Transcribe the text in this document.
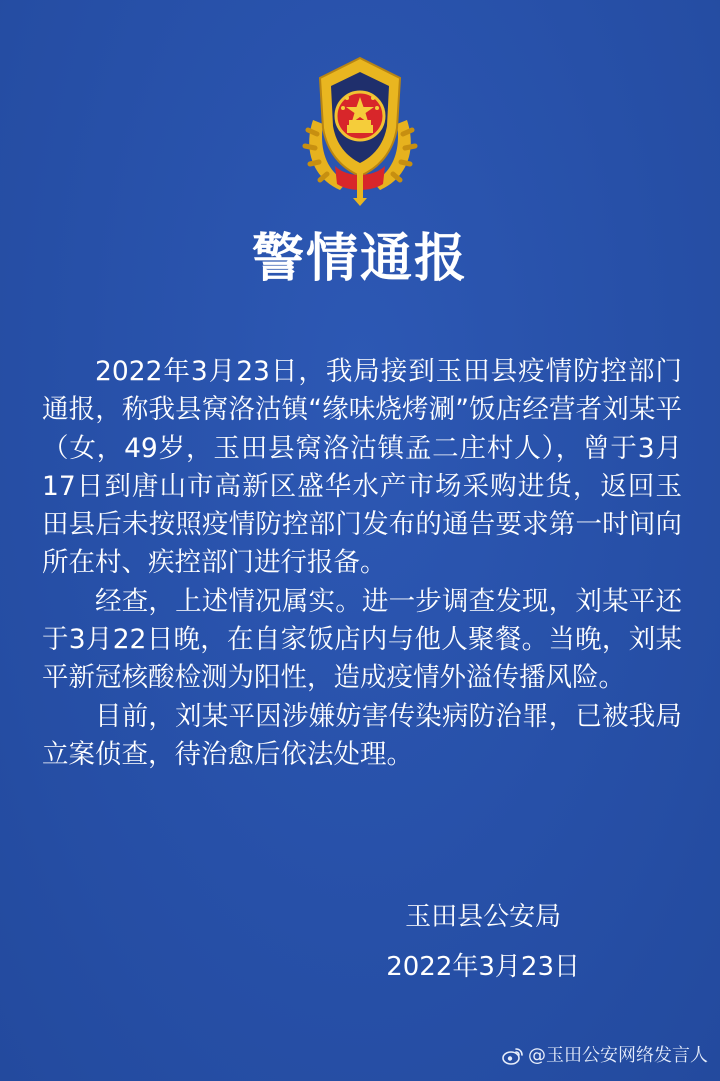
警情通报

2022年3月23日，我局接到玉田县疫情防控部门通报，称我县窝洛沽镇“缘味烧烤涮”饭店经营者刘某平（女，49岁，玉田县窝洛沽镇孟二庄村人），曾于3月17日到唐山市高新区盛华水产市场采购进货，返回玉田县后未按照疫情防控部门发布的通告要求第一时间向所在村、疾控部门进行报备。

经查，上述情况属实。进一步调查发现，刘某平还于3月22日晚，在自家饭店内与他人聚餐。当晚，刘某平新冠核酸检测为阳性，造成疫情外溢传播风险。

目前，刘某平因涉嫌妨害传染病防治罪，已被我局立案侦查，待治愈后依法处理。

玉田县公安局
2022年3月23日
@玉田公安网络发言人
